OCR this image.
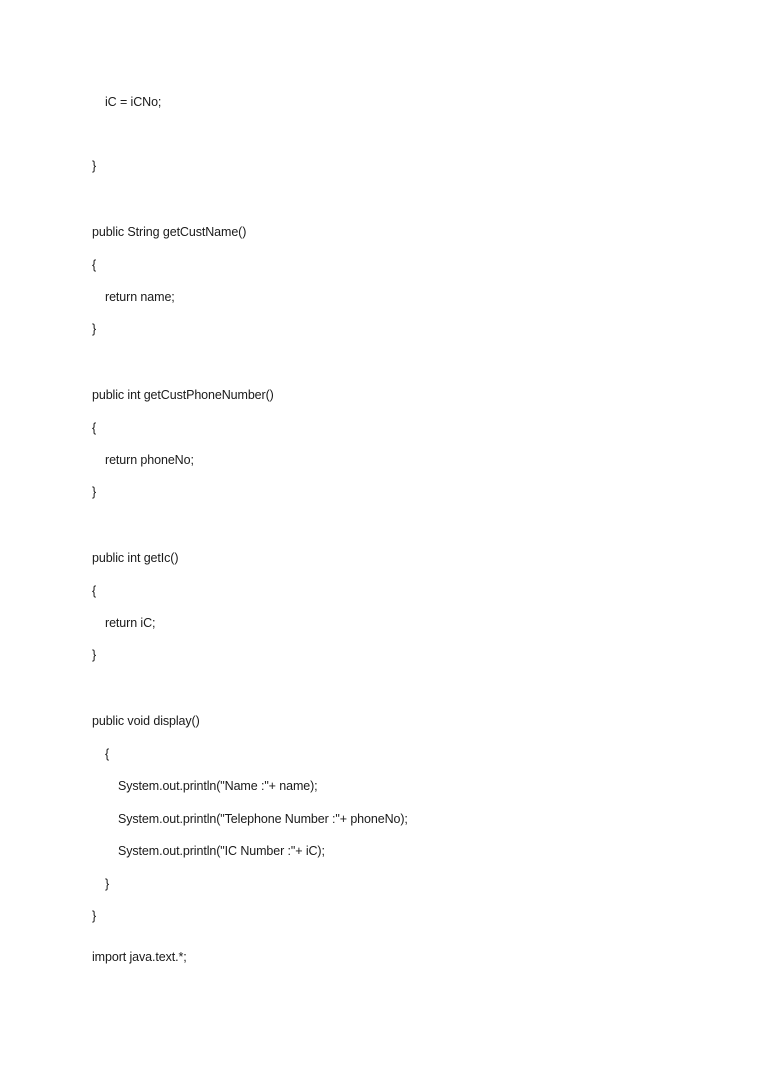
iC = iCNo;
}
public String getCustName()
{
return name;
}
public int getCustPhoneNumber()
{
return phoneNo;
}
public int getIc()
{
return iC;
}
public void display()
{
System.out.println("Name :"+ name);
System.out.println("Telephone Number :"+ phoneNo);
System.out.println("IC Number :"+ iC);
}
}
import java.text.*;
